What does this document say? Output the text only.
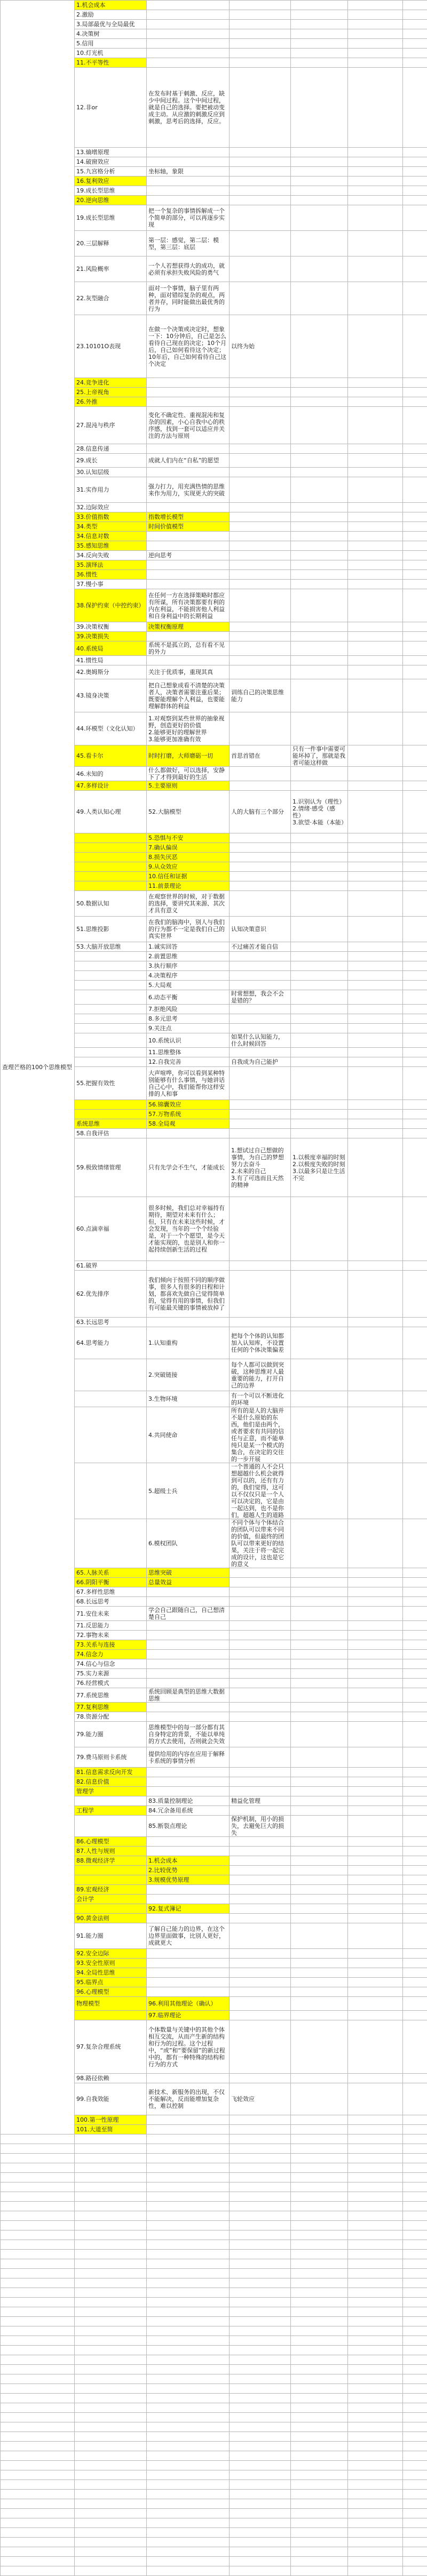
查理芒格的100个思维模型	1.机会成本					
	2.激励					
	3.局部最优与全局最优					
	4.决策树					
	5.信用					
	10.灯光机					
	11.不平等性					
	12.非or	在发布时基于刺激、反应，缺少中间过程。这个中间过程，就是自己的选择。要把被动变成主动。从应激的刺激反应到刺激，思考后的选择，反应。				
	13.熵增原理					
	14.破窗效应					
	15.九宫格分析	坐标轴，象限				
	16.复利效应					
	19.成长型思维					
	20.逆向思维					
	19.成长型思维	把一个复杂的事情拆解成一个个简单的部分，可以再逐步实现				
	20.三层解释	第一层：感觉，第二层：模型，第三层：底层				
	21.风险概率	一个人若想获得大的成功，就必须有承担失败风险的勇气				
	22.灰型融合	面对一个事情，脑子里有两种，面对错综复杂的观点，两者并存，同时能做出最优秀的行为				
	23.10101O表现	在做一个决策或决定时，想象一下：10分钟后，自己是怎么看待自己现在的决定；10个月后，自己如何看待这个决定；10年后，自己如何看待自己这个决定	以终为始			
	24.竞争进化					
	25.上帝视角					
	26.外推					
	27.混沌与秩序	变化不确定性、重视混沌和复杂的因素，小心自我中心的秩序感，找到一套可以适应并关注的方法与原则				
	28.信息传递					
	29.成长	成就人们内在“自私”的愿望				
	30.认知层级					
	31.实作用力	强力打力，用充满热情的思维来作为用力，实现更大的突破				
	32.边际效应					
	33.价值指数	指数增长模型				
	34.类型	时间价值模型				
	34.信息对数					
	35.感知思维					
	34.反向失败	逆向思考				
	35.演绎法					
	36.惯性					
	37.慢小事					
	38.保护约束（中控约束）	在任何一方在选择策略时都应有所谋，所有决策都要有利的内在利益，不能损害他人利益和自身利益中的长期利益				
	39.决策权衡	决策权衡原理				
	39.决策损失					
	40.系统局	系统不是孤立的，总有看不见的外力				
	41.惯性局					
	42.奥姆斯分	关注于优质事，重现其真				
	43.镜身决策	把自己想象成看不清楚的决策者人，决策者需要注重后果；既要能理解个人利益，也要能理解群体的利益	训练自己的决策思维能力			
	44.环模型（文化认知）	1.对观察到某些世界的抽象视野，创造更好的价值
2.能够更好的理解世界
3.能够更加准确有效				
	45.看卡尔	时时打磨，大师磨砺一切	首思首错在	只有一件事中需要可能坏掉了，那就是我者可能这样做		
	46.未知的	什么都做好，可以选择，安静下了才得到最好的生活				
	47.多样设计	5.主要原则				
	49.人类认知心理	52.大脑模型	人的大脑有三个部分	1.识别认为（理性）
2.情绪·感受（感性）
3.欲望·本能（本能）		
		5.恐惧与不安				
		7.确认偏误				
		8.损失厌恶				
		9.从众效应				
		10.信任和证据				
		11.前景理论				
	50.数据认知	在观察世界的时候，对于数据的选择，要讲究其来源、其次才具有意义				
	51.思维投影	在我们的脑海中，别人与我们的行为都不一定是我们自己的真实世界	认知决策意识			
	53.大脑开放思维	1.诚实回答	不过痛苦才能自信			
		2.前置思维				
		3.执行顺序				
		4.决策程序				
		5.大局观				
		6.动态平衡	时常想想，我会不会是错的？			
		7.拒绝风险				
		8.多元思考				
		9.关注点				
		10.系统认识	如果什么认知能力，什么时候回答			
		11.思维整体				
		12.自我完善	自我成为自己能护			
	55.把握有效性	大声喧哗，你可以看到某种特别能够有什么事情，与她讲话自己心中，我们能帮你这样安排的人和事				
		56.锦囊效应				
		57.万物系统				
	系统思维	58.全局观				
	58.自我评估					
	59.极致情绪管理	只有先学会不生气，才能成长	1.想试过自己想做的事情，为自己的梦想努力去奋斗
2.未来的自己
3.有了可选而且天然的精神	1.以极度幸福的时刻
2.以极度失败的时刻
3.以最多只是让生活不完		
	60.点滴幸福	很多时候，我们总对幸福持有期待，期望对未来有什么；但，只有在未来这些时候，才会发现，当年的一个个经验是，对于一个个愿望，是今天才能实现的，也是别人和你一起持续创新生活的过程				
	61.破界					
	62.优先排序	我们倾向于按照不同的顺序做事，很多人有很多的日程和计划，都喜欢先做自己觉得简单的，觉得有用的事情，但我们有可能最关键的事情被放掉了				
	63.长远思考					
	64.思考能力	1.认知重构	把每个个体的认知都加入认知库，不设置任何的个体决策偏差			
		2.突破链接	每个人都可以做到突破，这种思维对人最重要的能力，打开自己的边界			
		3.生物环境	有一个可以不断进化的环境			
		4.共同使命	所有的是人的大脑并不是什么原始的东西，他们是由两个，或者要求有共同的信任与正意，而不能单纯只是某一个模式的集合，在决定的交往的一步开展			
		5.超级士兵	一个普通的人不会只想超越什么机会就得到可以的，还有有力的，我们觉得，这可以不仅仅只是一个人可以决定的，它是由一起达到，也不是你们，超越人生的道路			
		6.模权团队	不同个体与个体结合的团队可以带来不同的价值，但最终的团队可以带来更好的结果，关注于将一起完成的设计，这也是它的意义			
	65.人脉关系	思维突破				
	66.阴阳平衡	总量效益				
	67.多样性思维					
	68.长远思考					
	71.安住未来	学会自己跟随自己，自己想清楚自己				
	71.反思能力					
	72.事物未来					
	73.关系与连接					
	74.信念力					
	74.信心与信念					
	75.实力来源					
	76.经营模式					
	77.系统思维	系统回顾是典型的思维大数据思维				
	77.复利思维					
	78.资源分配					
	79.能力圈	思维模型中的每一部分都有其自身特定的背景，不能以单纯的方式去使用，否则就会失效				
	79.费马原则卡系统	提供给用的内容在应用于解释卡系统的事情分析				
	81.信息需求反向开发					
	82.信息价值					
	管理学					
		83.质量控制理论	精益化管理			
	工程学	84.冗余备用系统				
		85.断裂点理论	保护机制，用小的损失，去避免巨大的损失			
	86.心理模型					
	87.人性与规则					
	88.微观经济学	1.机会成本				
		2.比较优势				
		3.规模优势原理				
	89.宏观经济					
	会计学					
		92.复式簿记				
	90.黄金法则					
	91.能力圈	了解自己能力的边界，在这个边界里面做事，比别人更好，成就更大				
	92.安全边际					
	93.安全性原则					
	94.全局性思维					
	95.临界点					
	96.心理模型					
	物理模型	96.利用其他理论（确认）				
		97.临界理论				
	97.复杂合理系统	个体数量与关键中的其他个体相互交流，从而产生新的结构和行为的过程。这个过程中，“或”和“要保留”的新过程中的，都有一种特殊的结构和行为的方式				
	98.路径依赖					
	99.自我效能	新技术、新服务的出现，不仅不能解决，反而能增加复杂性，难以控制	飞轮效应			
	100.第一性原理					
	101.大道至简					
